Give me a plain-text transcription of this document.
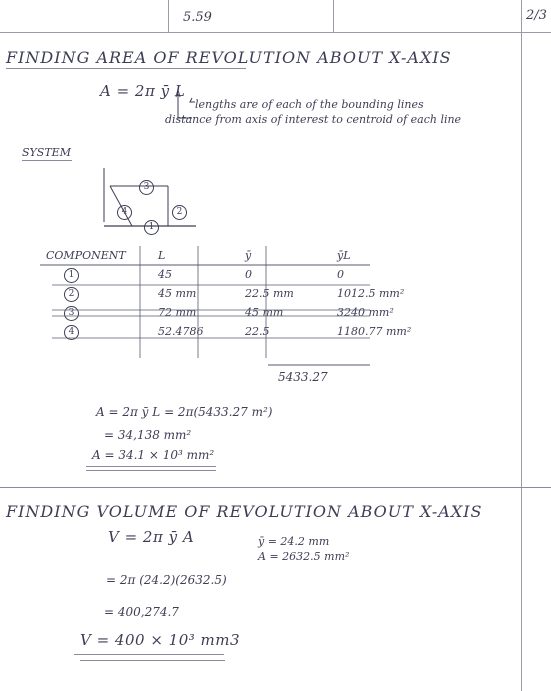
5.59	2/3
FINDING AREA OF REVOLUTION ABOUT X-AXIS
A = 2π ȳ L
lengths are of each of the bounding lines
distance from axis of interest to centroid of each line
SYSTEM
3
4	2
1
COMPONENT	L	ȳ	ȳL
1	45	0	0
2	45 mm	22.5 mm	1012.5 mm²
3	72 mm	45 mm	3240 mm²
4	52.4786	22.5	1180.77 mm²
5433.27
A = 2π ȳ L = 2π(5433.27 m²)
= 34,138 mm²
A = 34.1 × 10³ mm²
FINDING VOLUME OF REVOLUTION ABOUT X-AXIS
V = 2π ȳ A	ȳ = 24.2 mm
A = 2632.5 mm²
= 2π (24.2)(2632.5)
= 400,274.7
V = 400 × 10³ mm3
